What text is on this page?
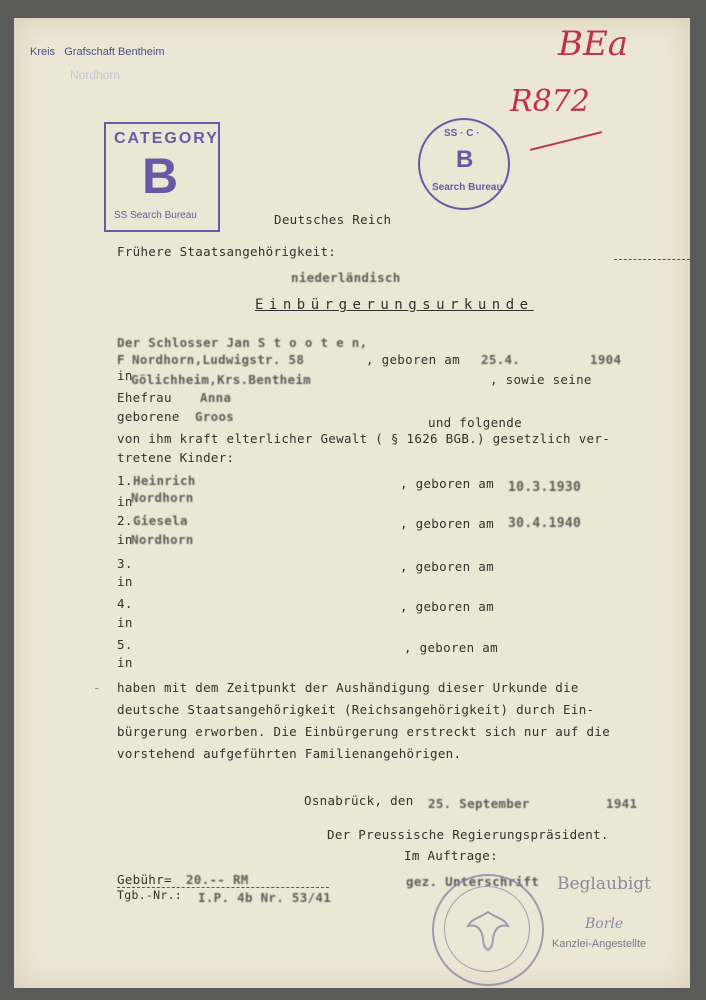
Kreis Grafschaft Bentheim
Nordhorn
BEa
R872
CATEGORY
B
SS Search Bureau
SS · C ·
B
Search Bureau
Deutsches Reich
Frühere Staatsangehörigkeit:
niederländisch
Einbürgerungsurkunde
Der Schlosser Jan S t o o t e n,
F Nordhorn,Ludwigstr. 58	, geboren am 25.4.	1904
in
Gölichheim,Krs.Bentheim	, sowie seine
Ehefrau Anna
geborene Groos	und folgende
von ihm kraft elterlicher Gewalt ( § 1626 BGB.) gesetzlich ver-
tretene Kinder:
1. Heinrich	, geboren am 10.3.1930
in
Nordhorn
2. Giesela	, geboren am 30.4.1940
in
Nordhorn
3.	, geboren am
in
4.	, geboren am
in
5.	, geboren am
in
- haben mit dem Zeitpunkt der Aushändigung dieser Urkunde die
deutsche Staatsangehörigkeit (Reichsangehörigkeit) durch Ein-
bürgerung erworben. Die Einbürgerung erstreckt sich nur auf die
vorstehend aufgeführten Familienangehörigen.
Osnabrück, den 25. September	1941
Der Preussische Regierungspräsident.
Im Auftrage:
Gebühr= 20.-- RM
Tgb.-Nr.: I.P. 4b Nr. 53/41
gez. Unterschrift Beglaubigt
Borle
Kanzlei-Angestellte
